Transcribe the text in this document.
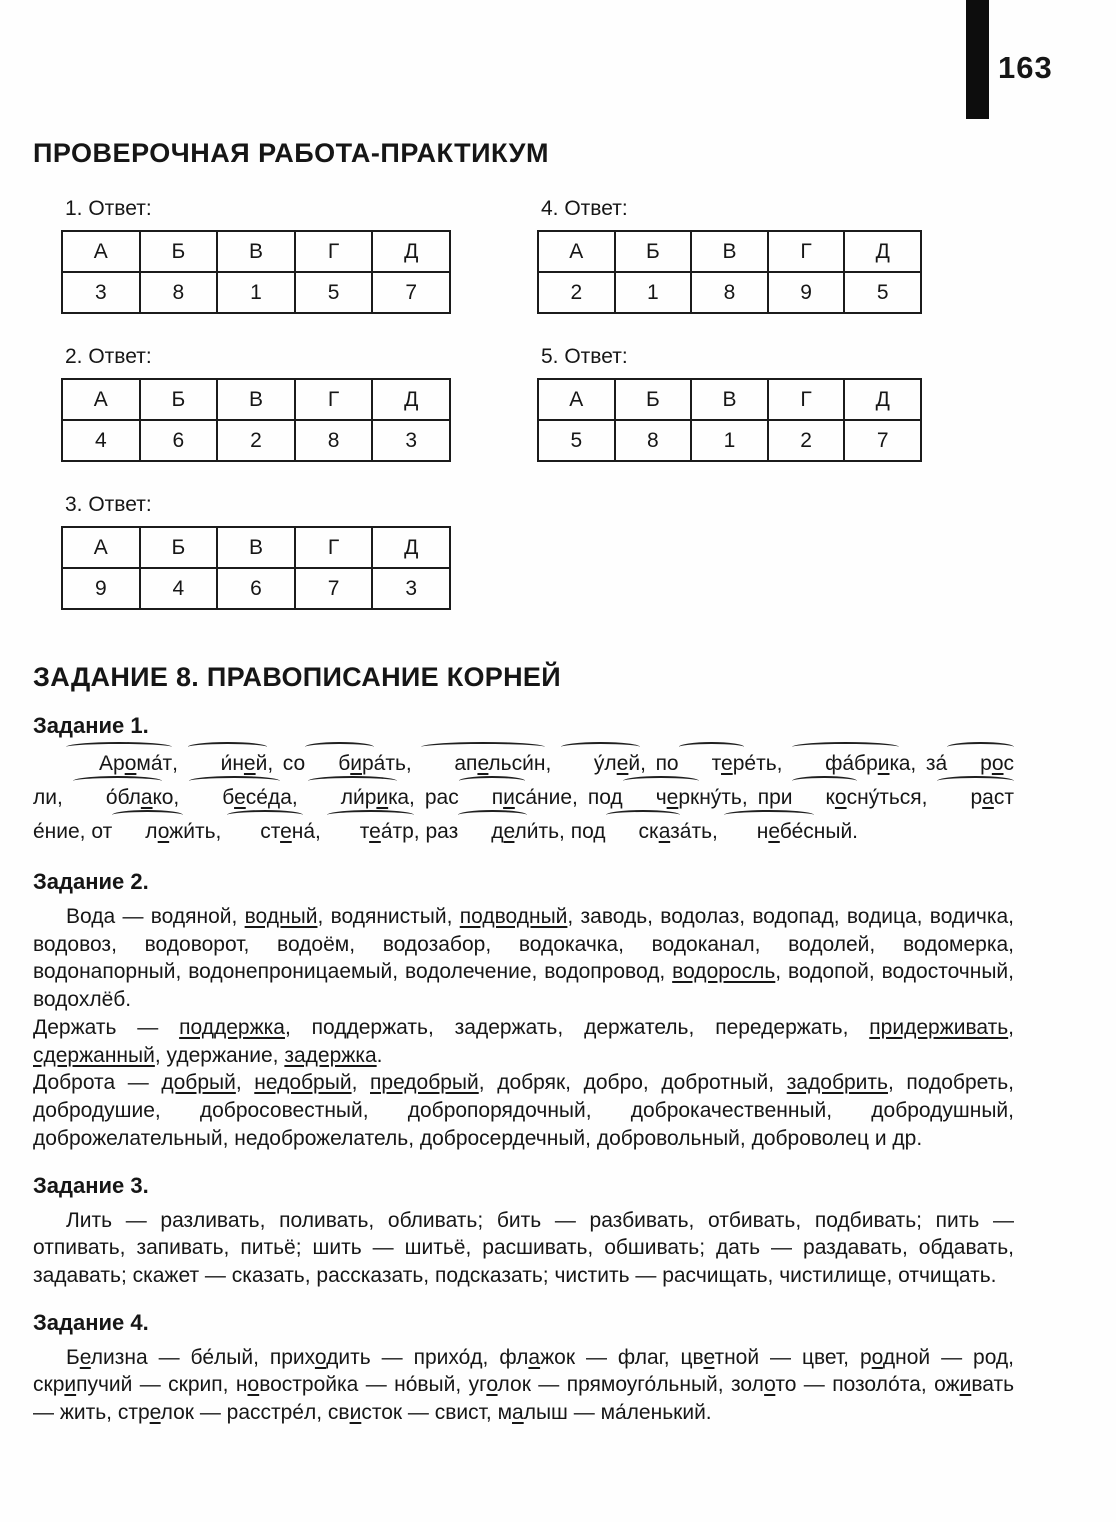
163
ПРОВЕРОЧНАЯ РАБОТА-ПРАКТИКУМ
1. Ответ:
А	Б	В	Г	Д
3	8	1	5	7
4. Ответ:
А	Б	В	Г	Д
2	1	8	9	5
2. Ответ:
А	Б	В	Г	Д
4	6	2	8	3
5. Ответ:
А	Б	В	Г	Д
5	8	1	2	7
3. Ответ:
А	Б	В	Г	Д
9	4	6	7	3
ЗАДАНИЕ 8. ПРАВОПИСАНИЕ КОРНЕЙ
Задание 1.

Арома́т, и́ней, со бира́ть, апельси́н, у́лей, по тере́ть, фа́брика, за́ росли, о́блако, бесе́да, ли́рика, рас писа́ние, под черкну́ть, при косну́ться, расте́ние, от ложи́ть, стена́, теа́тр, раз дели́ть, под сказа́ть, небе́сный.

Задание 2.

Вода — водяной, водный, водянистый, подводный, заводь, водолаз, водопад, водица, водичка, водовоз, водоворот, водоём, водозабор, водокачка, водоканал, водолей, водомерка, водонапорный, водонепроницаемый, водолечение, водопровод, водоросль, водопой, водосточный, водохлёб.

Держать — поддержка, поддержать, задержать, держатель, передержать, придерживать, сдержанный, удержание, задержка.

Доброта — добрый, недобрый, предобрый, добряк, добро, добротный, задобрить, подобреть, добродушие, добросовестный, добропорядочный, доброкачественный, добродушный, доброжелательный, недоброжелатель, добросердечный, добровольный, доброволец и др.

Задание 3.

Лить — разливать, поливать, обливать; бить — разбивать, отбивать, подбивать; пить — отпивать, запивать, питьё; шить — шитьё, расшивать, обшивать; дать — раздавать, обдавать, задавать; скажет — сказать, рассказать, подсказать; чистить — расчищать, чистилище, отчищать.

Задание 4.

Белизна — бе́лый, приходить — прихо́д, флажок — флаг, цветной — цвет, родной — род, скрипучий — скрип, новостройка — но́вый, уголок — прямоуго́льный, золото — позоло́та, оживать — жить, стрелок — расстре́л, свисток — свист, малыш — ма́ленький.
